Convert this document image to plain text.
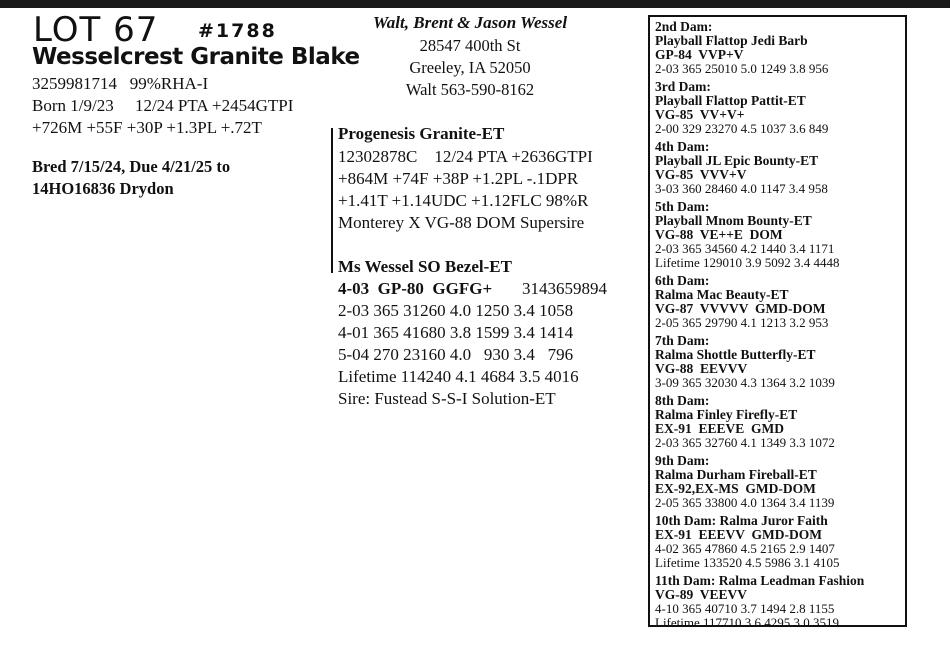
LOT 67 #1788
Wesselcrest Granite Blake
3259981714   99%RHA-I
Born 1/9/23     12/24 PTA +2454GTPI
+726M +55F +30P +1.3PL +.72T
Bred 7/15/24, Due 4/21/25 to
14HO16836 Drydon
Walt, Brent & Jason Wessel
28547 400th St
Greeley, IA 52050
Walt 563-590-8162
Progenesis Granite-ET
12302878C    12/24 PTA +2636GTPI
+864M +74F +38P +1.2PL -.1DPR
+1.41T +1.14UDC +1.12FLC 98%R
Monterey X VG-88 DOM Supersire
Ms Wessel SO Bezel-ET
4-03  GP-80  GGFG+ 3143659894
2-03 365 31260 4.0 1250 3.4 1058
4-01 365 41680 3.8 1599 3.4 1414
5-04 270 23160 4.0   930 3.4   796
Lifetime 114240 4.1 4684 3.5 4016
Sire: Fustead S-S-I Solution-ET
2nd Dam:
Playball Flattop Jedi Barb
GP-84  VVP+V
2-03 365 25010 5.0 1249 3.8 956
3rd Dam:
Playball Flattop Pattit-ET
VG-85  VV+V+
2-00 329 23270 4.5 1037 3.6 849
4th Dam:
Playball JL Epic Bounty-ET
VG-85  VVV+V
3-03 360 28460 4.0 1147 3.4 958
5th Dam:
Playball Mnom Bounty-ET
VG-88  VE++E  DOM
2-03 365 34560 4.2 1440 3.4 1171
Lifetime 129010 3.9 5092 3.4 4448
6th Dam:
Ralma Mac Beauty-ET
VG-87  VVVVV  GMD-DOM
2-05 365 29790 4.1 1213 3.2 953
7th Dam:
Ralma Shottle Butterfly-ET
VG-88  EEVVV
3-09 365 32030 4.3 1364 3.2 1039
8th Dam:
Ralma Finley Firefly-ET
EX-91  EEEVE  GMD
2-03 365 32760 4.1 1349 3.3 1072
9th Dam:
Ralma Durham Fireball-ET
EX-92,EX-MS  GMD-DOM
2-05 365 33800 4.0 1364 3.4 1139
10th Dam: Ralma Juror Faith
EX-91  EEEVV  GMD-DOM
4-02 365 47860 4.5 2165 2.9 1407
Lifetime 133520 4.5 5986 3.1 4105
11th Dam: Ralma Leadman Fashion
VG-89  VEEVV
4-10 365 40710 3.7 1494 2.8 1155
Lifetime 117710 3.6 4295 3.0 3519
